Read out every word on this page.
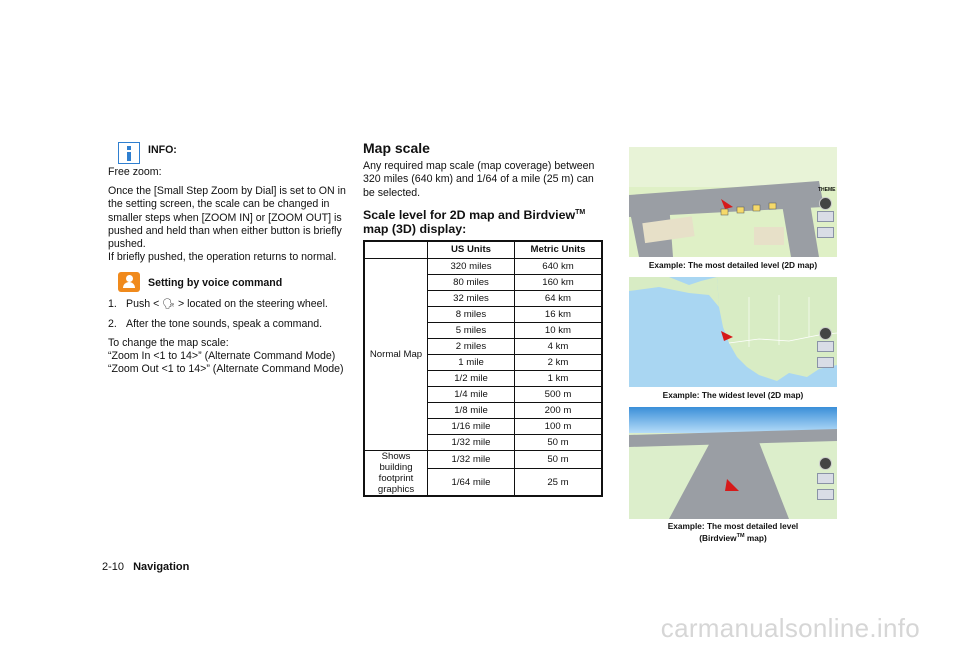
INFO:

Free zoom:

Once the [Small Step Zoom by Dial] is set to ON in the setting screen, the scale can be changed in smaller steps when [ZOOM IN] or [ZOOM OUT] is pushed and held than when either button is briefly pushed.

If briefly pushed, the operation returns to normal.

Setting by voice command
1. Push < 🗣︎ > located on the steering wheel.
2. After the tone sounds, speak a command.

To change the map scale:

“Zoom In <1 to 14>” (Alternate Command Mode)

“Zoom Out <1 to 14>” (Alternate Command Mode)

Map scale

Any required map scale (map coverage) between 320 miles (640 km) and 1/64 of a mile (25 m) can be selected.

Scale level for 2D map and Birdview™
map (3D) display:
	US Units	Metric Units
Normal Map	320 miles	640 km
	80 miles	160 km
	32 miles	64 km
	8 miles	16 km
	5 miles	10 km
	2 miles	4 km
	1 mile	2 km
	1/2 mile	1 km
	1/4 mile	500 m
	1/8 mile	200 m
	1/16 mile	100 m
	1/32 mile	50 m
Shows building footprint graphics	1/32 mile	50 m
	1/64 mile	25 m
THEME
Example: The most detailed level (2D map)
Example: The widest level (2D map)
Example: The most detailed level
(Birdview™ map)
2-10 Navigation
carmanualsonline.info
